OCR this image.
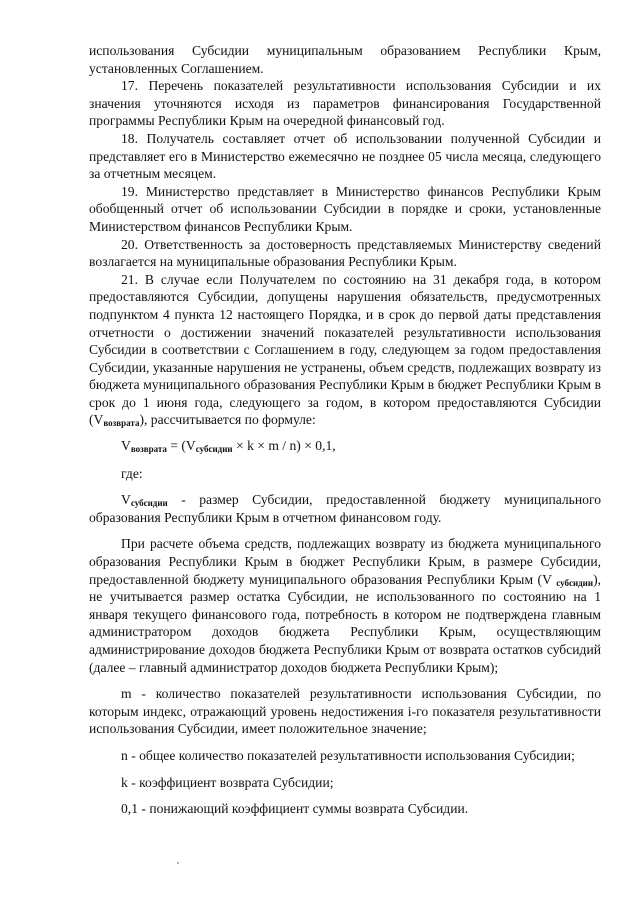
использования Субсидии муниципальным образованием Республики Крым, установленных Соглашением.

17. Перечень показателей результативности использования Субсидии и их значения уточняются исходя из параметров финансирования Государственной программы Республики Крым на очередной финансовый год.

18. Получатель составляет отчет об использовании полученной Субсидии и представляет его в Министерство ежемесячно не позднее 05 числа месяца, следующего за отчетным месяцем.

19. Министерство представляет в Министерство финансов Республики Крым обобщенный отчет об использовании Субсидии в порядке и сроки, установленные Министерством финансов Республики Крым.

20. Ответственность за достоверность представляемых Министерству сведений возлагается на муниципальные образования Республики Крым.

21. В случае если Получателем по состоянию на 31 декабря года, в котором предоставляются Субсидии, допущены нарушения обязательств, предусмотренных подпунктом 4 пункта 12 настоящего Порядка, и в срок до первой даты представления отчетности о достижении значений показателей результативности использования Субсидии в соответствии с Соглашением в году, следующем за годом предоставления Субсидии, указанные нарушения не устранены, объем средств, подлежащих возврату из бюджета муниципального образования Республики Крым в бюджет Республики Крым в срок до 1 июня года, следующего за годом, в котором предоставляются Субсидии $(V_{возврата})$, рассчитывается по формуле:

$V_{возврата} = (V_{субсидии} \times k \times m / n) \times 0,1$,

где:

$V_{субсидии}$ - размер Субсидии, предоставленной бюджету муниципального образования Республики Крым в отчетном финансовом году.

При расчете объема средств, подлежащих возврату из бюджета муниципального образования Республики Крым в бюджет Республики Крым, в размере Субсидии, предоставленной бюджету муниципального образования Республики Крым (V $_{субсидии}$), не учитывается размер остатка Субсидии, не использованного по состоянию на 1 января текущего финансового года, потребность в котором не подтверждена главным администратором доходов бюджета Республики Крым, осуществляющим администрирование доходов бюджета Республики Крым от возврата остатков субсидий (далее – главный администратор доходов бюджета Республики Крым);

m - количество показателей результативности использования Субсидии, по которым индекс, отражающий уровень недостижения i-го показателя результативности использования Субсидии, имеет положительное значение;

n - общее количество показателей результативности использования Субсидии;

k - коэффициент возврата Субсидии;

0,1 - понижающий коэффициент суммы возврата Субсидии.
